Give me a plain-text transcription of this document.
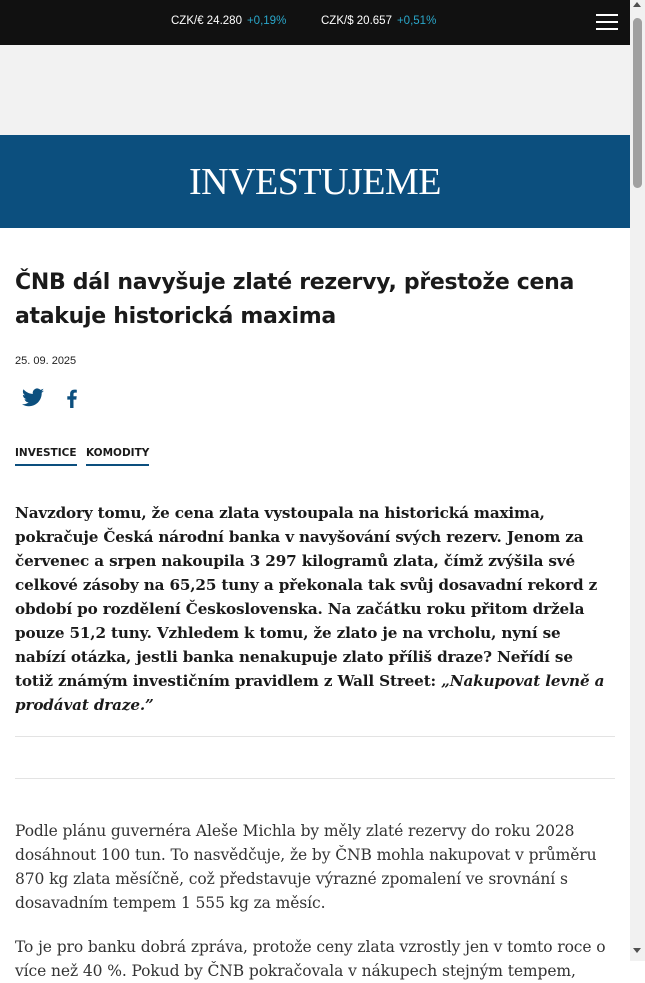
CZK/€ 24.280 +0,19%	CZK/$ 20.657 +0,51%
INVESTUJEME
ČNB dál navyšuje zlaté rezervy, přestože cena atakuje historická maxima
25. 09. 2025
INVESTICE KOMODITY

Navzdory tomu, že cena zlata vystoupala na historická maxima, pokračuje Česká národní banka v navyšování svých rezerv. Jenom za červenec a srpen nakoupila 3 297 kilogramů zlata, čímž zvýšila své celkové zásoby na 65,25 tuny a překonala tak svůj dosavadní rekord z období po rozdělení Československa. Na začátku roku přitom držela pouze 51,2 tuny. Vzhledem k tomu, že zlato je na vrcholu, nyní se nabízí otázka, jestli banka nenakupuje zlato příliš draze? Neřídí se totiž známým investičním pravidlem z Wall Street: „Nakupovat levně a prodávat draze.”

Podle plánu guvernéra Aleše Michla by měly zlaté rezervy do roku 2028 dosáhnout 100 tun. To nasvědčuje, že by ČNB mohla nakupovat v průměru 870 kg zlata měsíčně, což představuje výrazné zpomalení ve srovnání s dosavadním tempem 1 555 kg za měsíc.

To je pro banku dobrá zpráva, protože ceny zlata vzrostly jen v tomto roce o více než 40 %. Pokud by ČNB pokračovala v nákupech stejným tempem,
